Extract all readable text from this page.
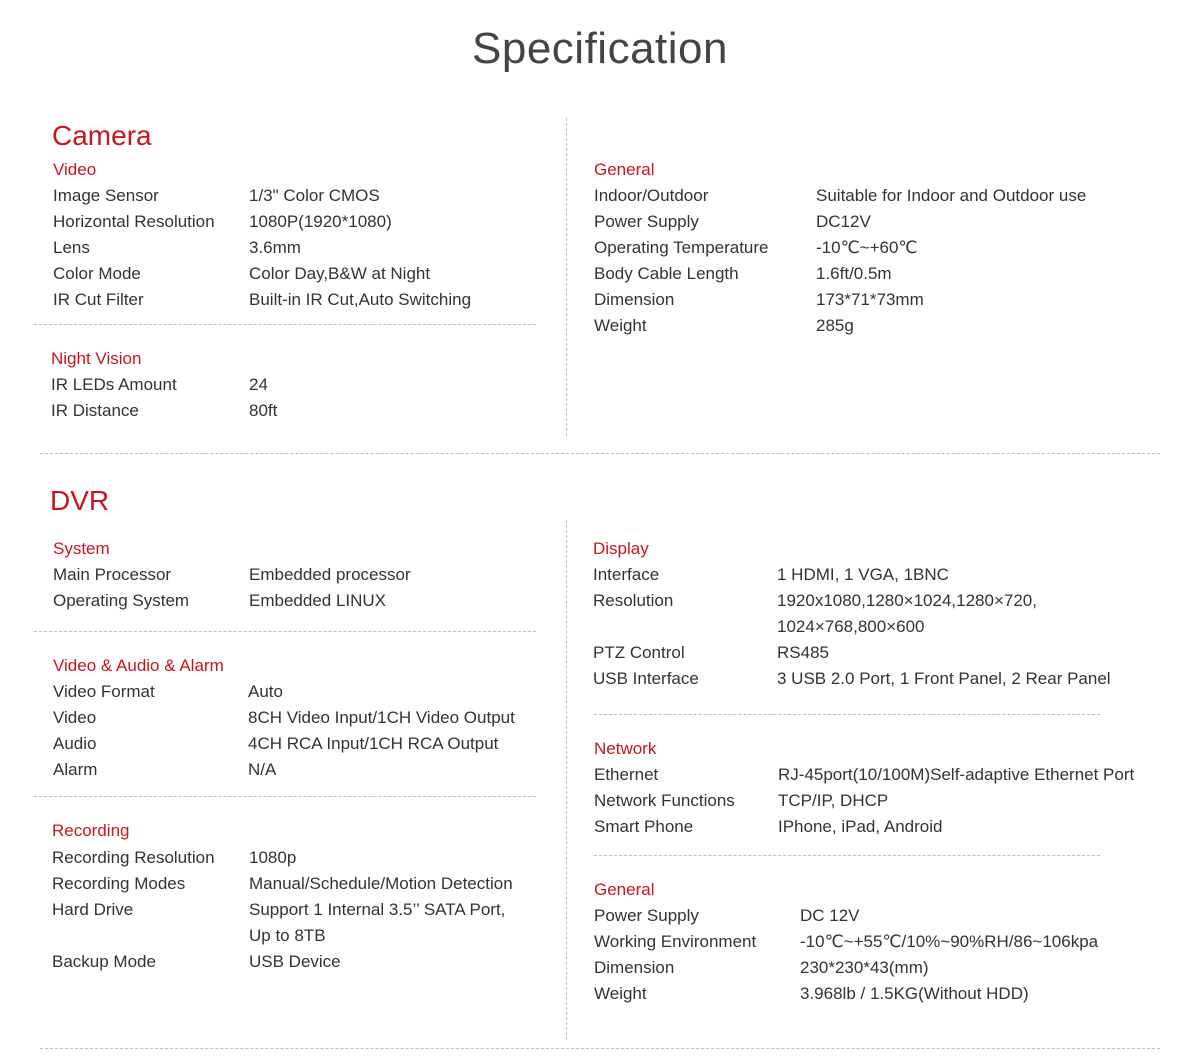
Specification
Camera
Video
Image Sensor	1/3" Color CMOS
Horizontal Resolution 1080P(1920*1080)
Lens	3.6mm
Color Mode	Color Day,B&W at Night
IR Cut Filter	Built-in IR Cut,Auto Switching
Night Vision
IR LEDs Amount	24
IR Distance	80ft
General
Indoor/Outdoor	Suitable for Indoor and Outdoor use
Power Supply	DC12V
Operating Temperature	-10℃~+60℃
Body Cable Length	1.6ft/0.5m
Dimension	173*71*73mm
Weight	285g
DVR
System
Main Processor	Embedded processor
Operating System	Embedded LINUX
Video & Audio & Alarm
Video Format	Auto
Video	8CH Video Input/1CH Video Output
Audio	4CH RCA Input/1CH RCA Output
Alarm	N/A
Recording
Recording Resolution 1080p
Recording Modes	Manual/Schedule/Motion Detection
Hard Drive	Support 1 Internal 3.5’’ SATA Port,
Up to 8TB
Backup Mode	USB Device
Display
Interface	1 HDMI, 1 VGA, 1BNC
Resolution	1920x1080,1280×1024,1280×720,
1024×768,800×600
PTZ Control	RS485
USB Interface	3 USB 2.0 Port, 1 Front Panel, 2 Rear Panel
Network
Ethernet	RJ-45port(10/100M)Self-adaptive Ethernet Port
Network Functions	TCP/IP, DHCP
Smart Phone	IPhone, iPad, Android
General
Power Supply	DC 12V
Working Environment	-10℃~+55℃/10%~90%RH/86~106kpa
Dimension	230*230*43(mm)
Weight	3.968lb / 1.5KG(Without HDD)
